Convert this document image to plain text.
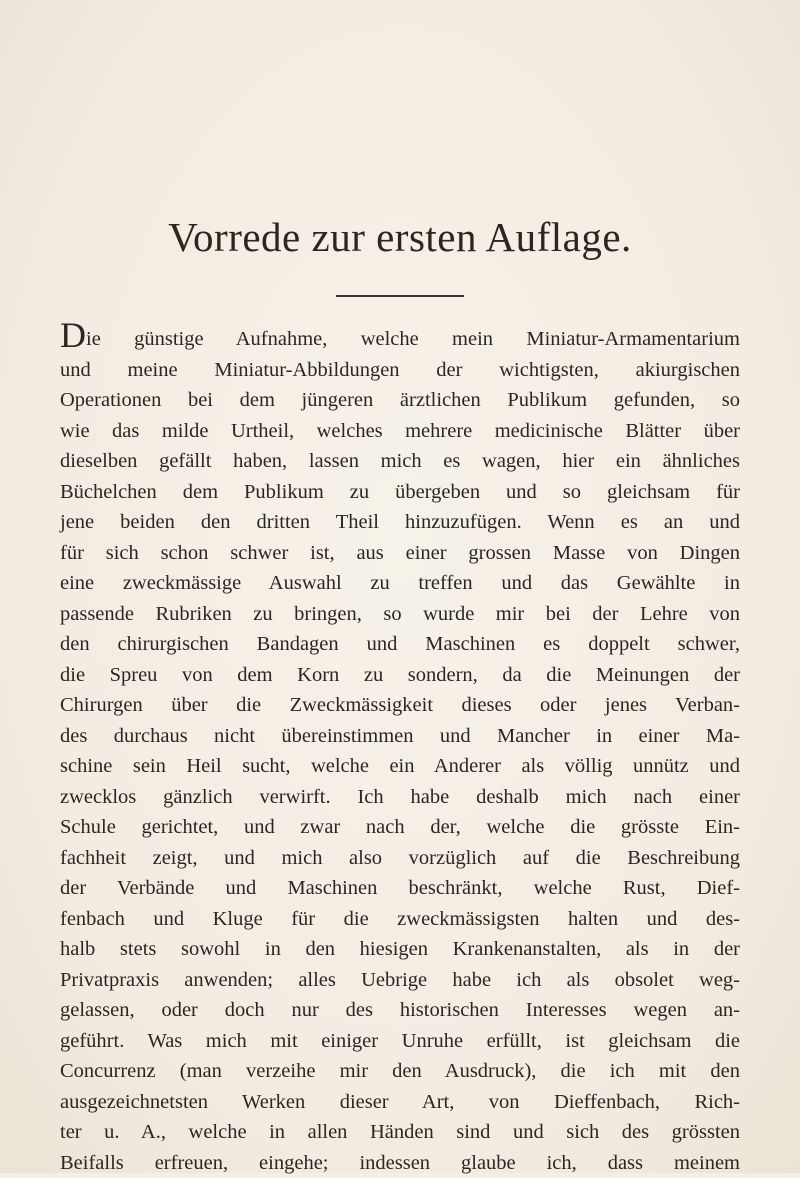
Vorrede zur ersten Auflage.
Die günstige Aufnahme, welche mein Miniatur-Armamentarium
und meine Miniatur-Abbildungen der wichtigsten, akiurgischen
Operationen bei dem jüngeren ärztlichen Publikum gefunden, so
wie das milde Urtheil, welches mehrere medicinische Blätter über
dieselben gefällt haben, lassen mich es wagen, hier ein ähnliches
Büchelchen dem Publikum zu übergeben und so gleichsam für
jene beiden den dritten Theil hinzuzufügen. Wenn es an und
für sich schon schwer ist, aus einer grossen Masse von Dingen
eine zweckmässige Auswahl zu treffen und das Gewählte in
passende Rubriken zu bringen, so wurde mir bei der Lehre von
den chirurgischen Bandagen und Maschinen es doppelt schwer,
die Spreu von dem Korn zu sondern, da die Meinungen der
Chirurgen über die Zweckmässigkeit dieses oder jenes Verban-
des durchaus nicht übereinstimmen und Mancher in einer Ma-
schine sein Heil sucht, welche ein Anderer als völlig unnütz und
zwecklos gänzlich verwirft. Ich habe deshalb mich nach einer
Schule gerichtet, und zwar nach der, welche die grösste Ein-
fachheit zeigt, und mich also vorzüglich auf die Beschreibung
der Verbände und Maschinen beschränkt, welche Rust, Dief-
fenbach und Kluge für die zweckmässigsten halten und des-
halb stets sowohl in den hiesigen Krankenanstalten, als in der
Privatpraxis anwenden; alles Uebrige habe ich als obsolet weg-
gelassen, oder doch nur des historischen Interesses wegen an-
geführt. Was mich mit einiger Unruhe erfüllt, ist gleichsam die
Concurrenz (man verzeihe mir den Ausdruck), die ich mit den
ausgezeichnetsten Werken dieser Art, von Dieffenbach, Rich-
ter u. A., welche in allen Händen sind und sich des grössten
Beifalls erfreuen, eingehe; indessen glaube ich, dass meinem
